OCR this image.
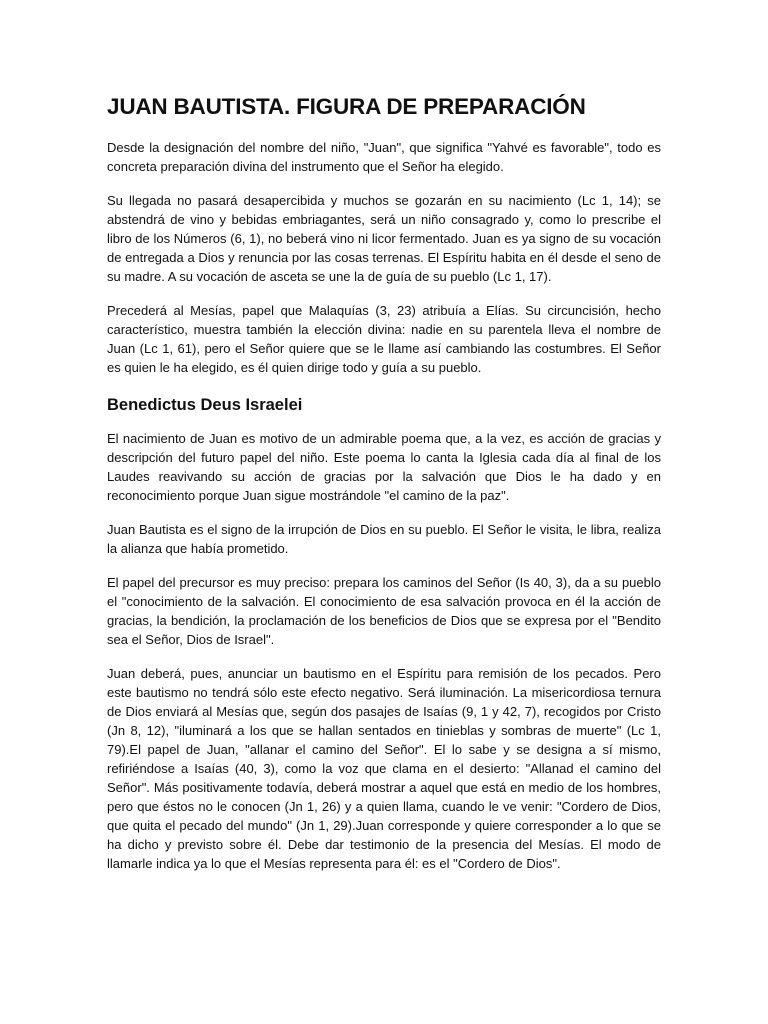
JUAN BAUTISTA. FIGURA DE PREPARACIÓN

Desde la designación del nombre del niño, "Juan", que significa "Yahvé es favorable", todo es concreta preparación divina del instrumento que el Señor ha elegido.

Su llegada no pasará desapercibida y muchos se gozarán en su nacimiento (Lc 1, 14); se abstendrá de vino y bebidas embriagantes, será un niño consagrado y, como lo prescribe el libro de los Números (6, 1), no beberá vino ni licor fermentado. Juan es ya signo de su vocación de entregada a Dios y renuncia por las cosas terrenas. El Espíritu habita en él desde el seno de su madre. A su vocación de asceta se une la de guía de su pueblo (Lc 1, 17).

Precederá al Mesías, papel que Malaquías (3, 23) atribuía a Elías. Su circuncisión, hecho característico, muestra también la elección divina: nadie en su parentela lleva el nombre de Juan (Lc 1, 61), pero el Señor quiere que se le llame así cambiando las costumbres. El Señor es quien le ha elegido, es él quien dirige todo y guía a su pueblo.

Benedictus Deus Israelei

El nacimiento de Juan es motivo de un admirable poema que, a la vez, es acción de gracias y descripción del futuro papel del niño. Este poema lo canta la Iglesia cada día al final de los Laudes reavivando su acción de gracias por la salvación que Dios le ha dado y en reconocimiento porque Juan sigue mostrándole "el camino de la paz".

Juan Bautista es el signo de la irrupción de Dios en su pueblo. El Señor le visita, le libra, realiza la alianza que había prometido.

El papel del precursor es muy preciso: prepara los caminos del Señor (Is 40, 3), da a su pueblo el "conocimiento de la salvación. El conocimiento de esa salvación provoca en él la acción de gracias, la bendición, la proclamación de los beneficios de Dios que se expresa por el "Bendito sea el Señor, Dios de Israel".

Juan deberá, pues, anunciar un bautismo en el Espíritu para remisión de los pecados. Pero este bautismo no tendrá sólo este efecto negativo. Será iluminación. La misericordiosa ternura de Dios enviará al Mesías que, según dos pasajes de Isaías (9, 1 y 42, 7), recogidos por Cristo (Jn 8, 12), "iluminará a los que se hallan sentados en tinieblas y sombras de muerte" (Lc 1, 79).El papel de Juan, "allanar el camino del Señor". El lo sabe y se designa a sí mismo, refiriéndose a Isaías (40, 3), como la voz que clama en el desierto: "Allanad el camino del Señor". Más positivamente todavía, deberá mostrar a aquel que está en medio de los hombres, pero que éstos no le conocen (Jn 1, 26) y a quien llama, cuando le ve venir: "Cordero de Dios, que quita el pecado del mundo" (Jn 1, 29).Juan corresponde y quiere corresponder a lo que se ha dicho y previsto sobre él. Debe dar testimonio de la presencia del Mesías. El modo de llamarle indica ya lo que el Mesías representa para él: es el "Cordero de Dios".
